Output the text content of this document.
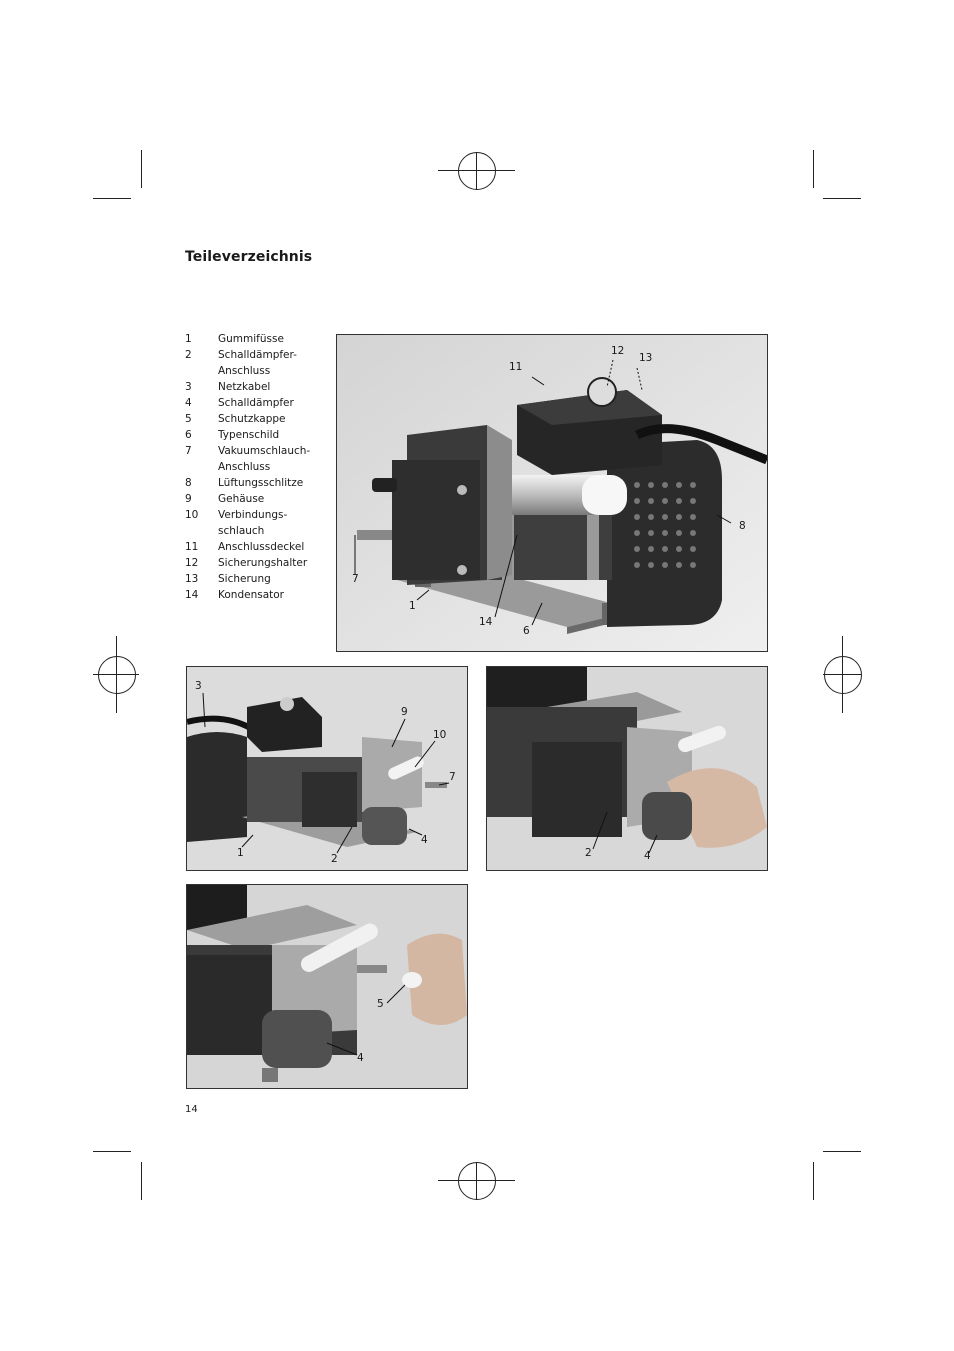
Teileverzeichnis
1	Gummifüsse
2	Schalldämpfer-
Anschluss
3	Netzkabel
4	Schalldämpfer
5	Schutzkappe
6	Typenschild
7	Vakuumschlauch-
Anschluss
8	Lüftungsschlitze
9	Gehäuse
10 Verbindungs-
schlauch
11 Anschlussdeckel
12 Sicherungshalter
13 Sicherung
14 Kondensator
12
13
11
8
7
1
14
6
3
9
10
7
4
1	2	2	4
5
4
14
